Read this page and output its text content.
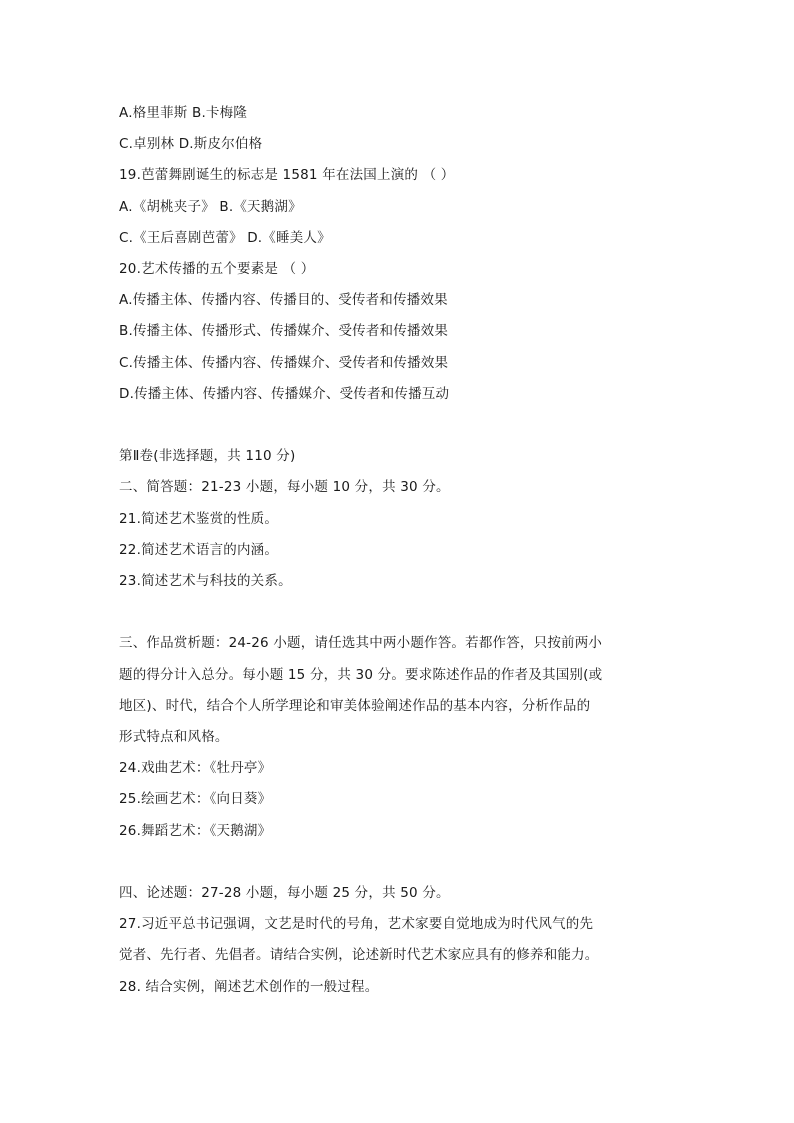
A.格里菲斯 B.卡梅隆
C.卓别林 D.斯皮尔伯格
19.芭蕾舞剧诞生的标志是 1581 年在法国上演的 （ ）
A.《胡桃夹子》 B.《天鹅湖》
C.《王后喜剧芭蕾》 D.《睡美人》
20.艺术传播的五个要素是 （ ）
A.传播主体、传播内容、传播目的、受传者和传播效果
B.传播主体、传播形式、传播媒介、受传者和传播效果
C.传播主体、传播内容、传播媒介、受传者和传播效果
D.传播主体、传播内容、传播媒介、受传者和传播互动
第Ⅱ卷(非选择题，共 110 分)
二、简答题：21-23 小题，每小题 10 分，共 30 分。
21.简述艺术鉴赏的性质。
22.简述艺术语言的内涵。
23.简述艺术与科技的关系。
三、作品赏析题：24-26 小题，请任选其中两小题作答。若都作答，只按前两小
题的得分计入总分。每小题 15 分，共 30 分。要求陈述作品的作者及其国别(或
地区)、时代，结合个人所学理论和审美体验阐述作品的基本内容，分析作品的
形式特点和风格。
24.戏曲艺术：《牡丹亭》
25.绘画艺术：《向日葵》
26.舞蹈艺术：《天鹅湖》
四、论述题：27-28 小题，每小题 25 分，共 50 分。
27.习近平总书记强调，文艺是时代的号角，艺术家要自觉地成为时代风气的先
觉者、先行者、先倡者。请结合实例，论述新时代艺术家应具有的修养和能力。
28. 结合实例，阐述艺术创作的一般过程。
